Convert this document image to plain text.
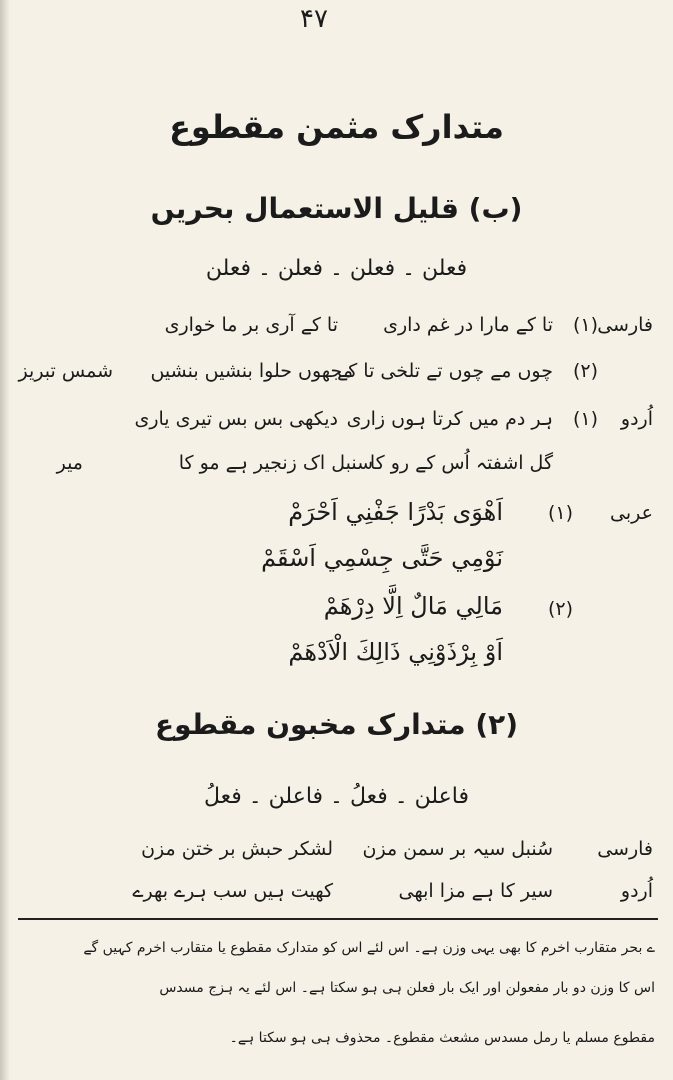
۴۷
متدارک مثمن مقطوع
(ب) قلیل الاستعمال بحریں
فعلن ۔ فعلن ۔ فعلن ۔ فعلن
فارسی
(۱)
تا کے مارا در غم داری
تا کے آری بر ما خواری
(۲)
چوں مے چوں تے تلخی تا کے
مجھوں حلوا بنشیں بنشیں
شمس تبریز
اُردو
(۱)
ہر دم میں کرتا ہوں زاری
دیکھی بس بس تیری یاری
گل اشفتہ اُس کے رو کا
سنبل اک زنجیر ہے مو کا
میر
عربی
(۱)
اَهْوَى بَدْرًا جَفْنِي اَحْرَمْ
نَوْمِي حَتَّى جِسْمِي اَسْقَمْ
(۲)
مَالِي مَالٌ اِلَّا دِرْهَمْ
اَوْ بِرْذَوْنِي ذَالِكَ الْاَدْهَمْ
(۲) متدارک مخبون مقطوع
فاعلن ۔ فعلُ ۔ فاعلن ۔ فعلُ
فارسی
سُنبل سیہ بر سمن مزن
لشکر حبش بر ختن مزن
اُردو
سیر کا ہے مزا ابھی
کھیت ہیں سب ہرے بھرے
ے بحر متقارب اخرم کا بھی یہی وزن ہے۔ اس لئے اس کو متدارک مقطوع یا متقارب اخرم کہیں گے
اس کا وزن دو بار مفعولن اور ایک بار فعلن ہی ہو سکتا ہے۔ اس لئے یہ ہزج مسدس
مقطوع مسلم یا رمل مسدس مشعث مقطوع۔ محذوف ہی ہو سکتا ہے۔
